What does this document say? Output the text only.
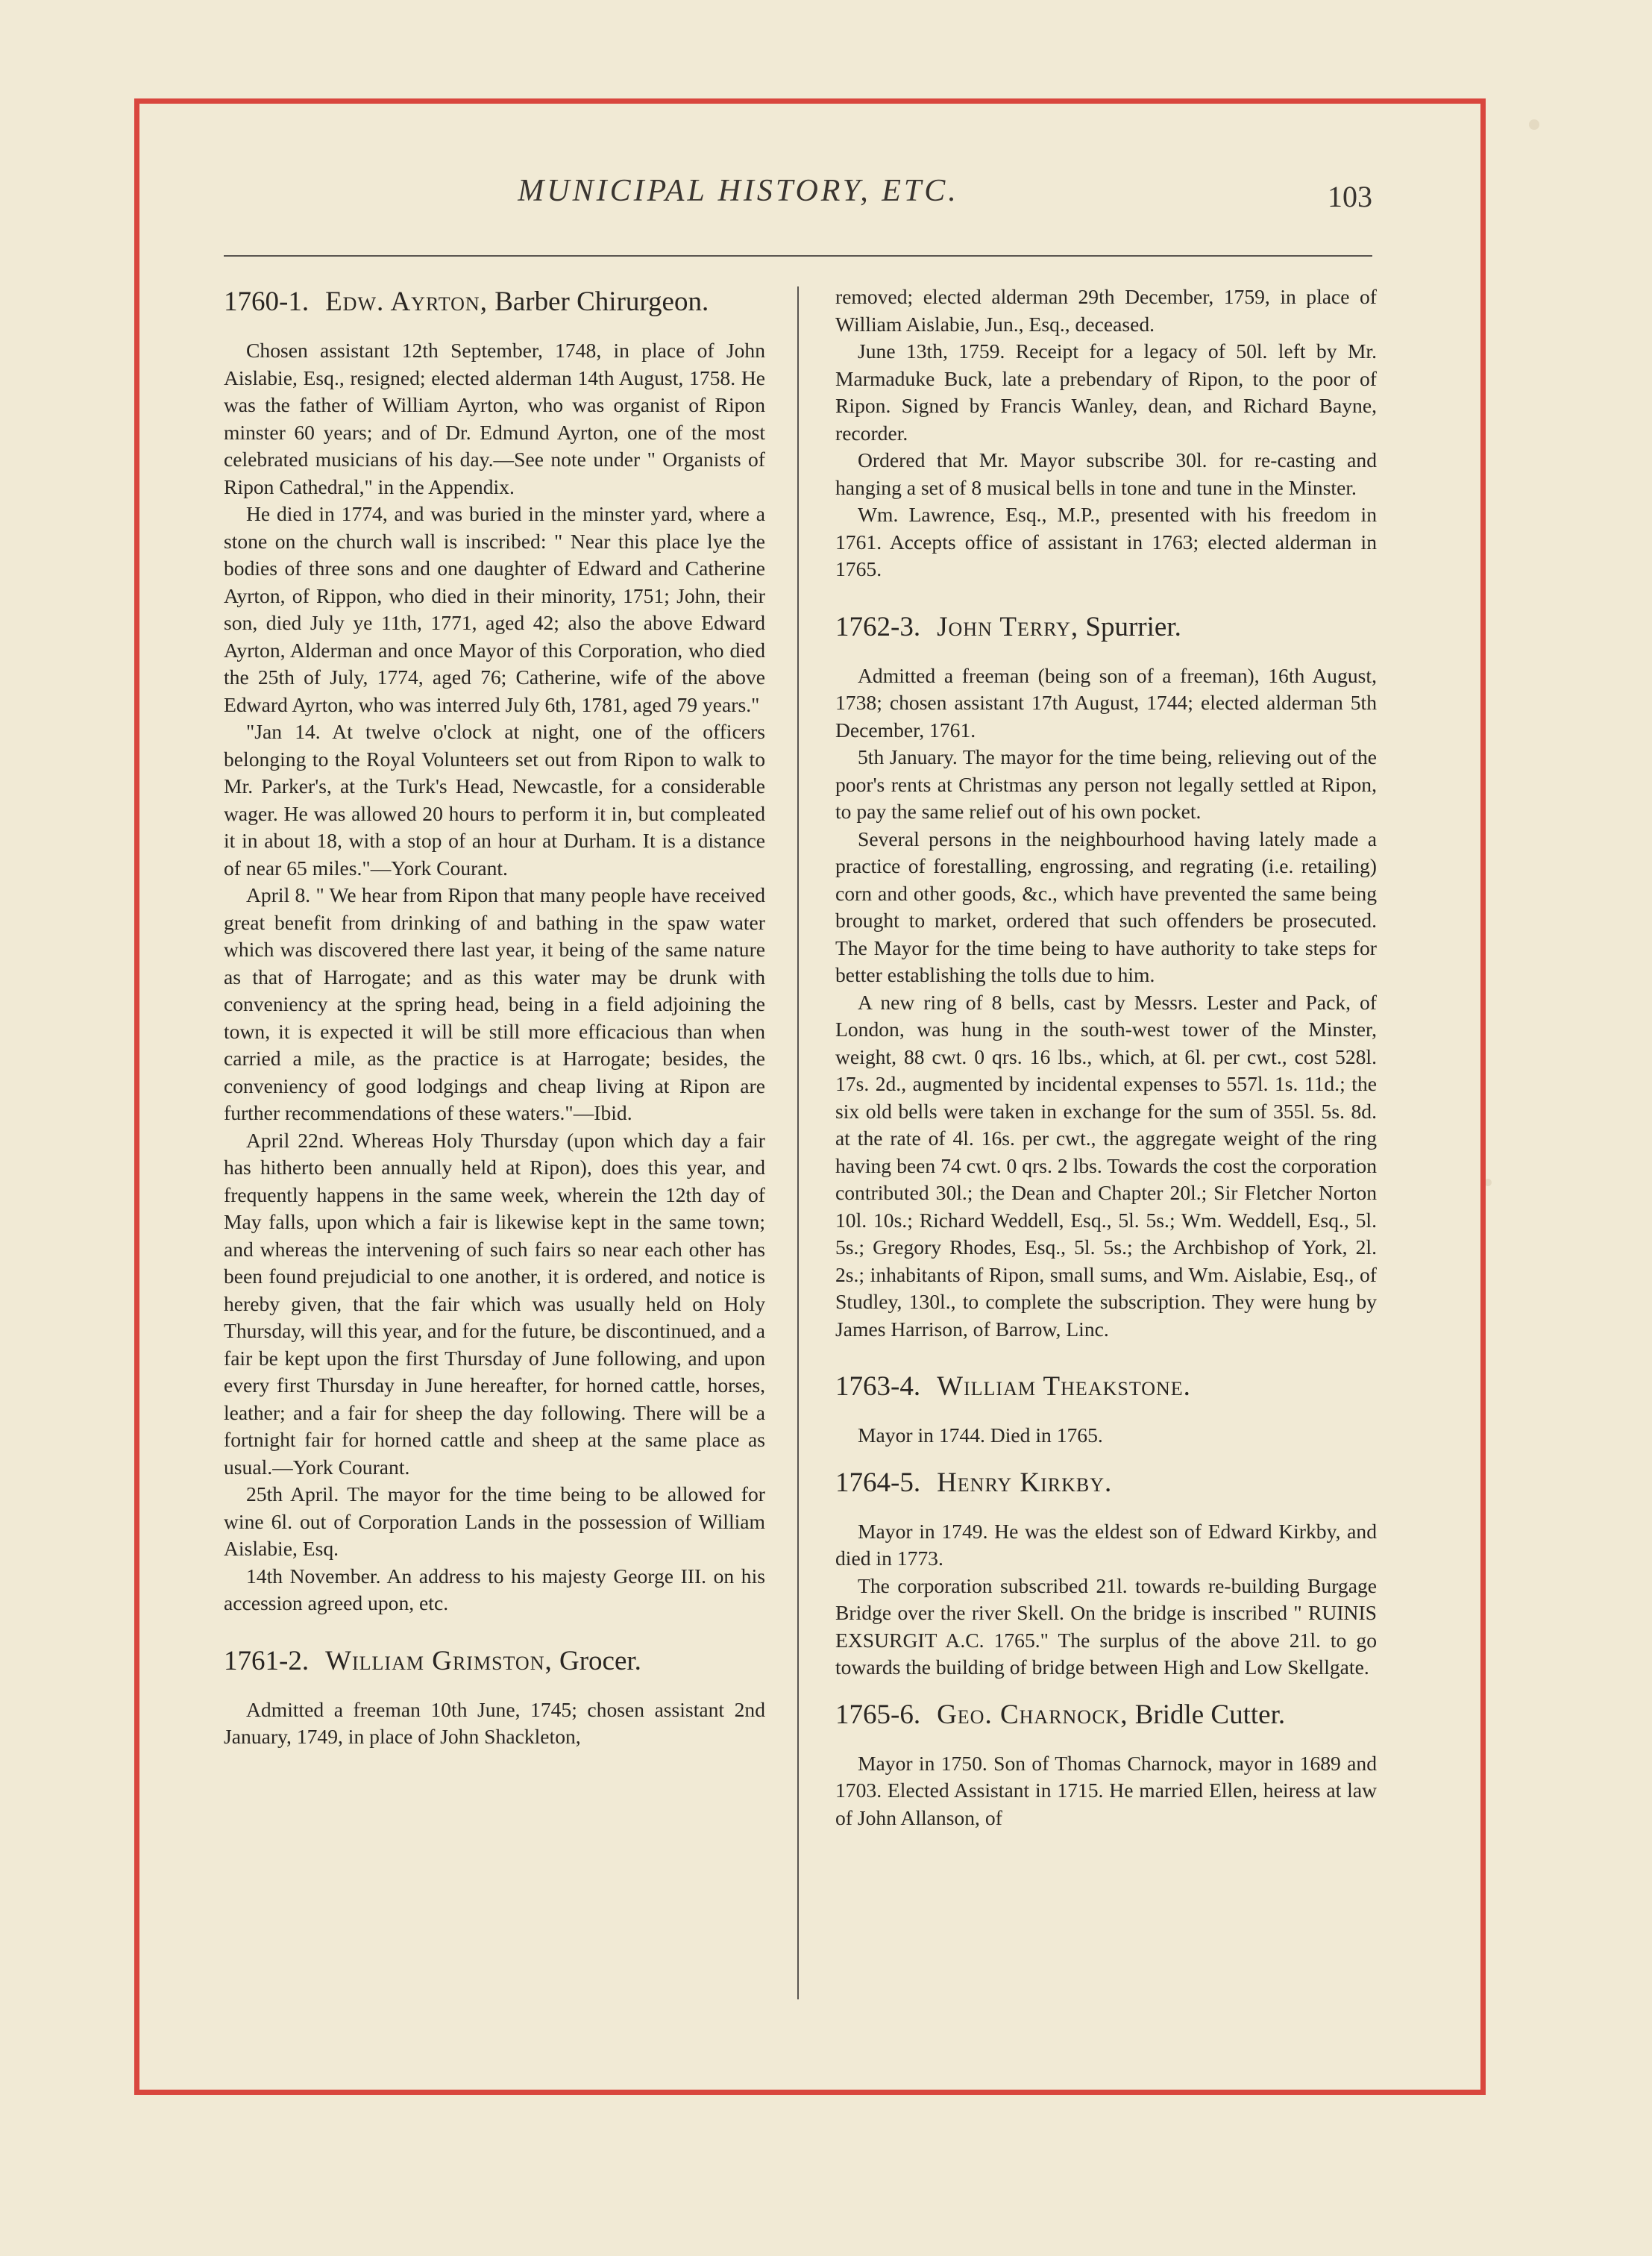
MUNICIPAL HISTORY, ETC.	103
1760-1. Edw. Ayrton, Barber Chirurgeon.

Chosen assistant 12th September, 1748, in place of John Aislabie, Esq., resigned; elected alderman 14th August, 1758. He was the father of William Ayrton, who was organist of Ripon minster 60 years; and of Dr. Edmund Ayrton, one of the most celebrated musicians of his day.—See note under " Organists of Ripon Cathedral," in the Appendix.

He died in 1774, and was buried in the minster yard, where a stone on the church wall is inscribed: " Near this place lye the bodies of three sons and one daughter of Edward and Catherine Ayrton, of Rippon, who died in their minority, 1751; John, their son, died July ye 11th, 1771, aged 42; also the above Edward Ayrton, Alderman and once Mayor of this Corporation, who died the 25th of July, 1774, aged 76; Catherine, wife of the above Edward Ayrton, who was interred July 6th, 1781, aged 79 years."

"Jan 14. At twelve o'clock at night, one of the officers belonging to the Royal Volunteers set out from Ripon to walk to Mr. Parker's, at the Turk's Head, Newcastle, for a considerable wager. He was allowed 20 hours to perform it in, but compleated it in about 18, with a stop of an hour at Durham. It is a distance of near 65 miles."—York Courant.

April 8. " We hear from Ripon that many people have received great benefit from drinking of and bathing in the spaw water which was discovered there last year, it being of the same nature as that of Harrogate; and as this water may be drunk with conveniency at the spring head, being in a field adjoining the town, it is expected it will be still more efficacious than when carried a mile, as the practice is at Harrogate; besides, the conveniency of good lodgings and cheap living at Ripon are further recommendations of these waters."—Ibid.

April 22nd. Whereas Holy Thursday (upon which day a fair has hitherto been annually held at Ripon), does this year, and frequently happens in the same week, wherein the 12th day of May falls, upon which a fair is likewise kept in the same town; and whereas the intervening of such fairs so near each other has been found prejudicial to one another, it is ordered, and notice is hereby given, that the fair which was usually held on Holy Thursday, will this year, and for the future, be discontinued, and a fair be kept upon the first Thursday of June following, and upon every first Thursday in June hereafter, for horned cattle, horses, leather; and a fair for sheep the day following. There will be a fortnight fair for horned cattle and sheep at the same place as usual.—York Courant.

25th April. The mayor for the time being to be allowed for wine 6l. out of Corporation Lands in the possession of William Aislabie, Esq.

14th November. An address to his majesty George III. on his accession agreed upon, etc.

1761-2. William Grimston, Grocer.

Admitted a freeman 10th June, 1745; chosen assistant 2nd January, 1749, in place of John Shackleton,

removed; elected alderman 29th December, 1759, in place of William Aislabie, Jun., Esq., deceased.

June 13th, 1759. Receipt for a legacy of 50l. left by Mr. Marmaduke Buck, late a prebendary of Ripon, to the poor of Ripon. Signed by Francis Wanley, dean, and Richard Bayne, recorder.

Ordered that Mr. Mayor subscribe 30l. for re-casting and hanging a set of 8 musical bells in tone and tune in the Minster.

Wm. Lawrence, Esq., M.P., presented with his freedom in 1761. Accepts office of assistant in 1763; elected alderman in 1765.

1762-3. John Terry, Spurrier.

Admitted a freeman (being son of a freeman), 16th August, 1738; chosen assistant 17th August, 1744; elected alderman 5th December, 1761.

5th January. The mayor for the time being, relieving out of the poor's rents at Christmas any person not legally settled at Ripon, to pay the same relief out of his own pocket.

Several persons in the neighbourhood having lately made a practice of forestalling, engrossing, and regrating (i.e. retailing) corn and other goods, &c., which have prevented the same being brought to market, ordered that such offenders be prosecuted. The Mayor for the time being to have authority to take steps for better establishing the tolls due to him.

A new ring of 8 bells, cast by Messrs. Lester and Pack, of London, was hung in the south-west tower of the Minster, weight, 88 cwt. 0 qrs. 16 lbs., which, at 6l. per cwt., cost 528l. 17s. 2d., augmented by incidental expenses to 557l. 1s. 11d.; the six old bells were taken in exchange for the sum of 355l. 5s. 8d. at the rate of 4l. 16s. per cwt., the aggregate weight of the ring having been 74 cwt. 0 qrs. 2 lbs. Towards the cost the corporation contributed 30l.; the Dean and Chapter 20l.; Sir Fletcher Norton 10l. 10s.; Richard Weddell, Esq., 5l. 5s.; Wm. Weddell, Esq., 5l. 5s.; Gregory Rhodes, Esq., 5l. 5s.; the Archbishop of York, 2l. 2s.; inhabitants of Ripon, small sums, and Wm. Aislabie, Esq., of Studley, 130l., to complete the subscription. They were hung by James Harrison, of Barrow, Linc.

1763-4. William Theakstone.

Mayor in 1744. Died in 1765.

1764-5. Henry Kirkby.

Mayor in 1749. He was the eldest son of Edward Kirkby, and died in 1773.

The corporation subscribed 21l. towards re-building Burgage Bridge over the river Skell. On the bridge is inscribed " RUINIS EXSURGIT A.C. 1765." The surplus of the above 21l. to go towards the building of bridge between High and Low Skellgate.

1765-6. Geo. Charnock, Bridle Cutter.

Mayor in 1750. Son of Thomas Charnock, mayor in 1689 and 1703. Elected Assistant in 1715. He married Ellen, heiress at law of John Allanson, of
